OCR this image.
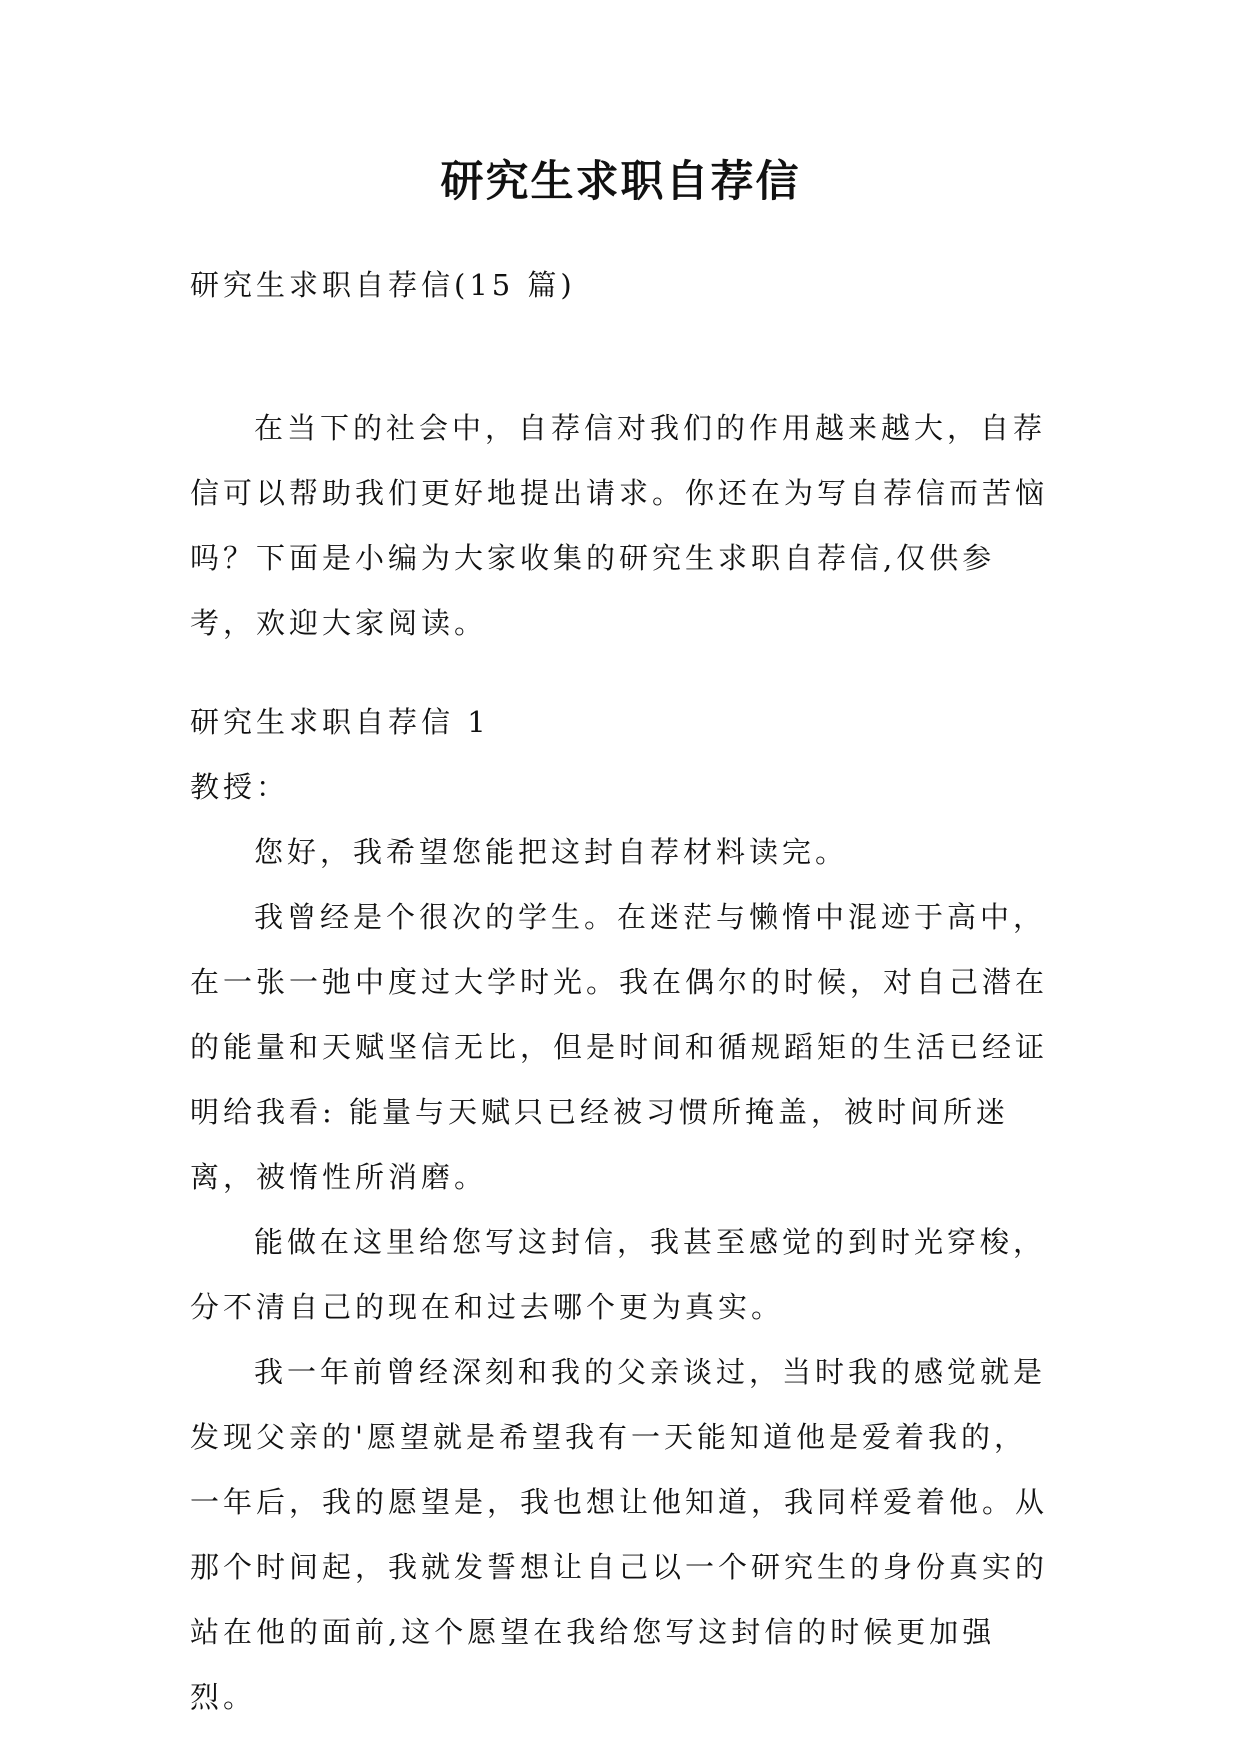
研究生求职自荐信

研究生求职自荐信(15 篇)

在当下的社会中，自荐信对我们的作用越来越大，自荐信可以帮助我们更好地提出请求。你还在为写自荐信而苦恼吗？下面是小编为大家收集的研究生求职自荐信,仅供参考，欢迎大家阅读。

研究生求职自荐信 1

教授：

您好，我希望您能把这封自荐材料读完。

我曾经是个很次的学生。在迷茫与懒惰中混迹于高中，在一张一弛中度过大学时光。我在偶尔的时候，对自己潜在的能量和天赋坚信无比，但是时间和循规蹈矩的生活已经证明给我看: 能量与天赋只已经被习惯所掩盖，被时间所迷离，被惰性所消磨。

能做在这里给您写这封信，我甚至感觉的到时光穿梭，分不清自己的现在和过去哪个更为真实。

我一年前曾经深刻和我的父亲谈过，当时我的感觉就是发现父亲的'愿望就是希望我有一天能知道他是爱着我的，一年后，我的愿望是，我也想让他知道，我同样爱着他。从那个时间起，我就发誓想让自己以一个研究生的身份真实的站在他的面前,这个愿望在我给您写这封信的时候更加强烈。
